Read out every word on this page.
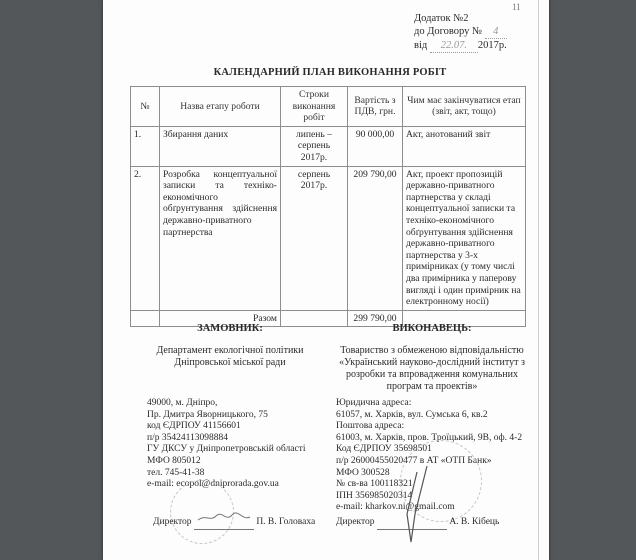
11
Додаток №2
до Договору № 4
від 22.07. 2017р.
КАЛЕНДАРНИЙ ПЛАН ВИКОНАННЯ РОБІТ
№	Назва етапу роботи	Строки виконання робіт	Вартість з ПДВ, грн.	Чим має закінчуватися етап (звіт, акт, тощо)
1.	Збирання даних	липень – серпень 2017р.	90 000,00	Акт, анотований звіт
2.	Розробка концептуальної записки та техніко-економічного обґрунтування здійснення державно-приватного партнерства	серпень 2017р.	209 790,00	Акт, проект пропозицій державно-приватного партнерства у складі концептуальної записки та техніко-економічного обґрунтування здійснення державно-приватного партнерства у 3-х примірниках (у тому числі два примірника у паперову вигляді і один примірник на електронному носії)
	Разом		299 790,00	
ЗАМОВНИК:
Департамент екологічної політики
Дніпровської міської ради
49000, м. Дніпро,
Пр. Дмитра Яворницького, 75
код ЄДРПОУ 41156601
п/р 35424113098884
ГУ ДКСУ у Дніпропетровській області
МФО 805012
тел. 745-41-38
e-mail: ecopol@dniprorada.gov.ua
Директор	П. В. Головаха
ВИКОНАВЕЦЬ:
Товариство з обмеженою відповідальністю
«Український науково-дослідний інститут з
розробки та впровадження комунальних
програм та проектів»
Юридична адреса:
61057, м. Харків, вул. Сумська 6, кв.2
Поштова адреса:
61003, м. Харків, пров. Троїцький, 9В, оф. 4-2
Код ЄДРПОУ 35698501
п/р 26000455020477 в АТ «ОТП Банк»
МФО 300528
№ св-ва 100118321
ІПН 356985020314
e-mail: kharkov.ni@gmail.com
Директор	А. В. Кібець
